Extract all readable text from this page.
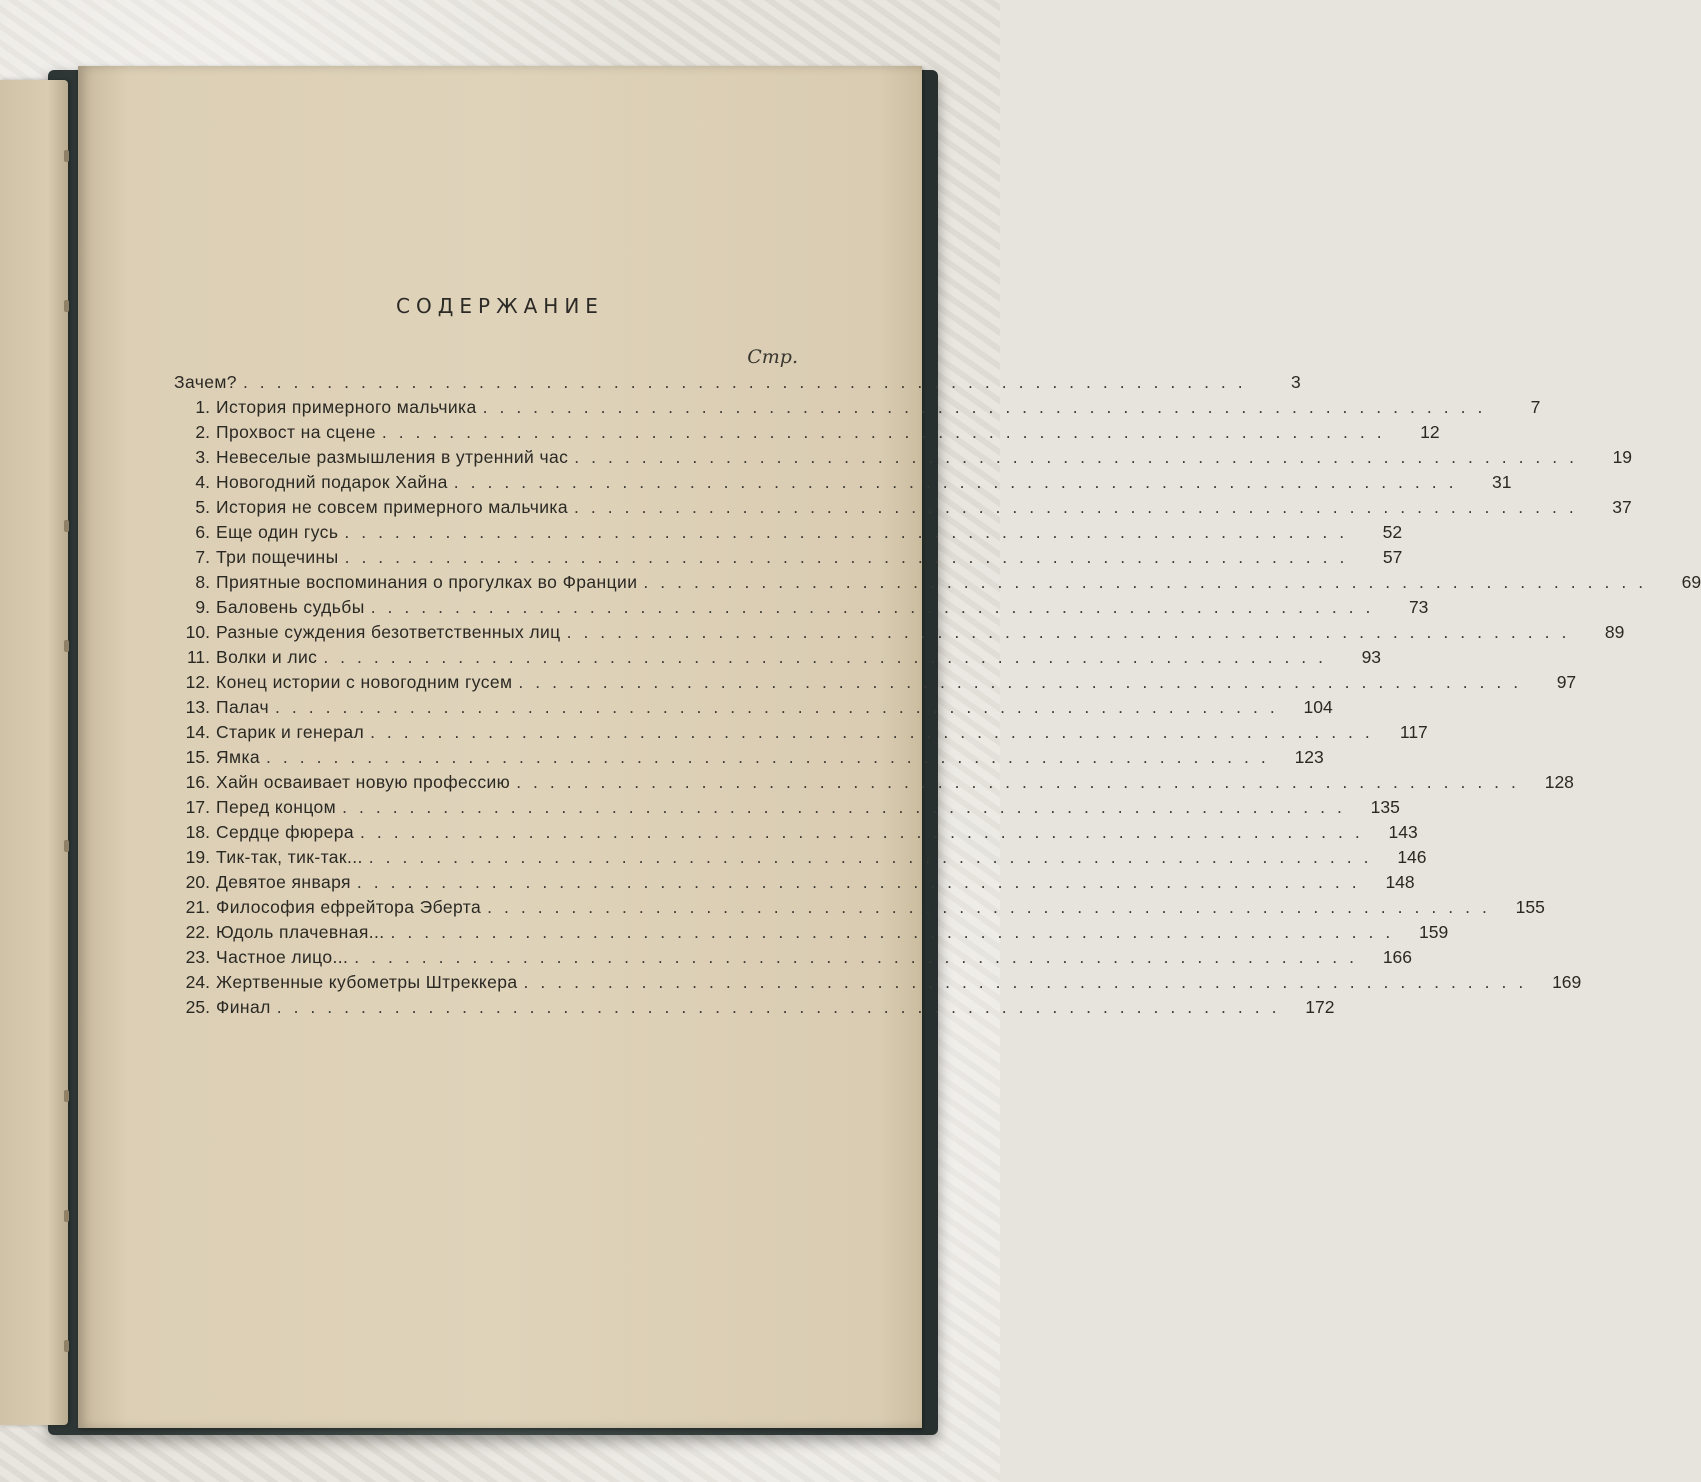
СОДЕРЖАНИЕ
Стр.
Зачем? ............................................................	3
1. История примерного мальчика ............................................................	7
2. Прохвост на сцене ............................................................	12
3. Невеселые размышления в утренний час ............................................................	19
4. Новогодний подарок Хайна ............................................................	31
5. История не совсем примерного мальчика ............................................................	37
6. Еще один гусь ............................................................	52
7. Три пощечины ............................................................	57
8. Приятные воспоминания о прогулках во Франции ............................................................	69
9. Баловень судьбы ............................................................	73
10. Разные суждения безответственных лиц ............................................................	89
11. Волки и лис ............................................................	93
12. Конец истории с новогодним гусем ............................................................	97
13. Палач ............................................................ 104
14. Старик и генерал ............................................................	117
15. Ямка ............................................................ 123
16. Хайн осваивает новую профессию ............................................................ 128
17. Перед концом ............................................................ 135
18. Сердце фюрера ............................................................ 143
19. Тик-так, тик-так... ............................................................ 146
20. Девятое января ............................................................ 148
21. Философия ефрейтора Эберта ............................................................ 155
22. Юдоль плачевная... ............................................................ 159
23. Частное лицо... ............................................................ 166
24. Жертвенные кубометры Штреккера ............................................................ 169
25. Финал ............................................................ 172
